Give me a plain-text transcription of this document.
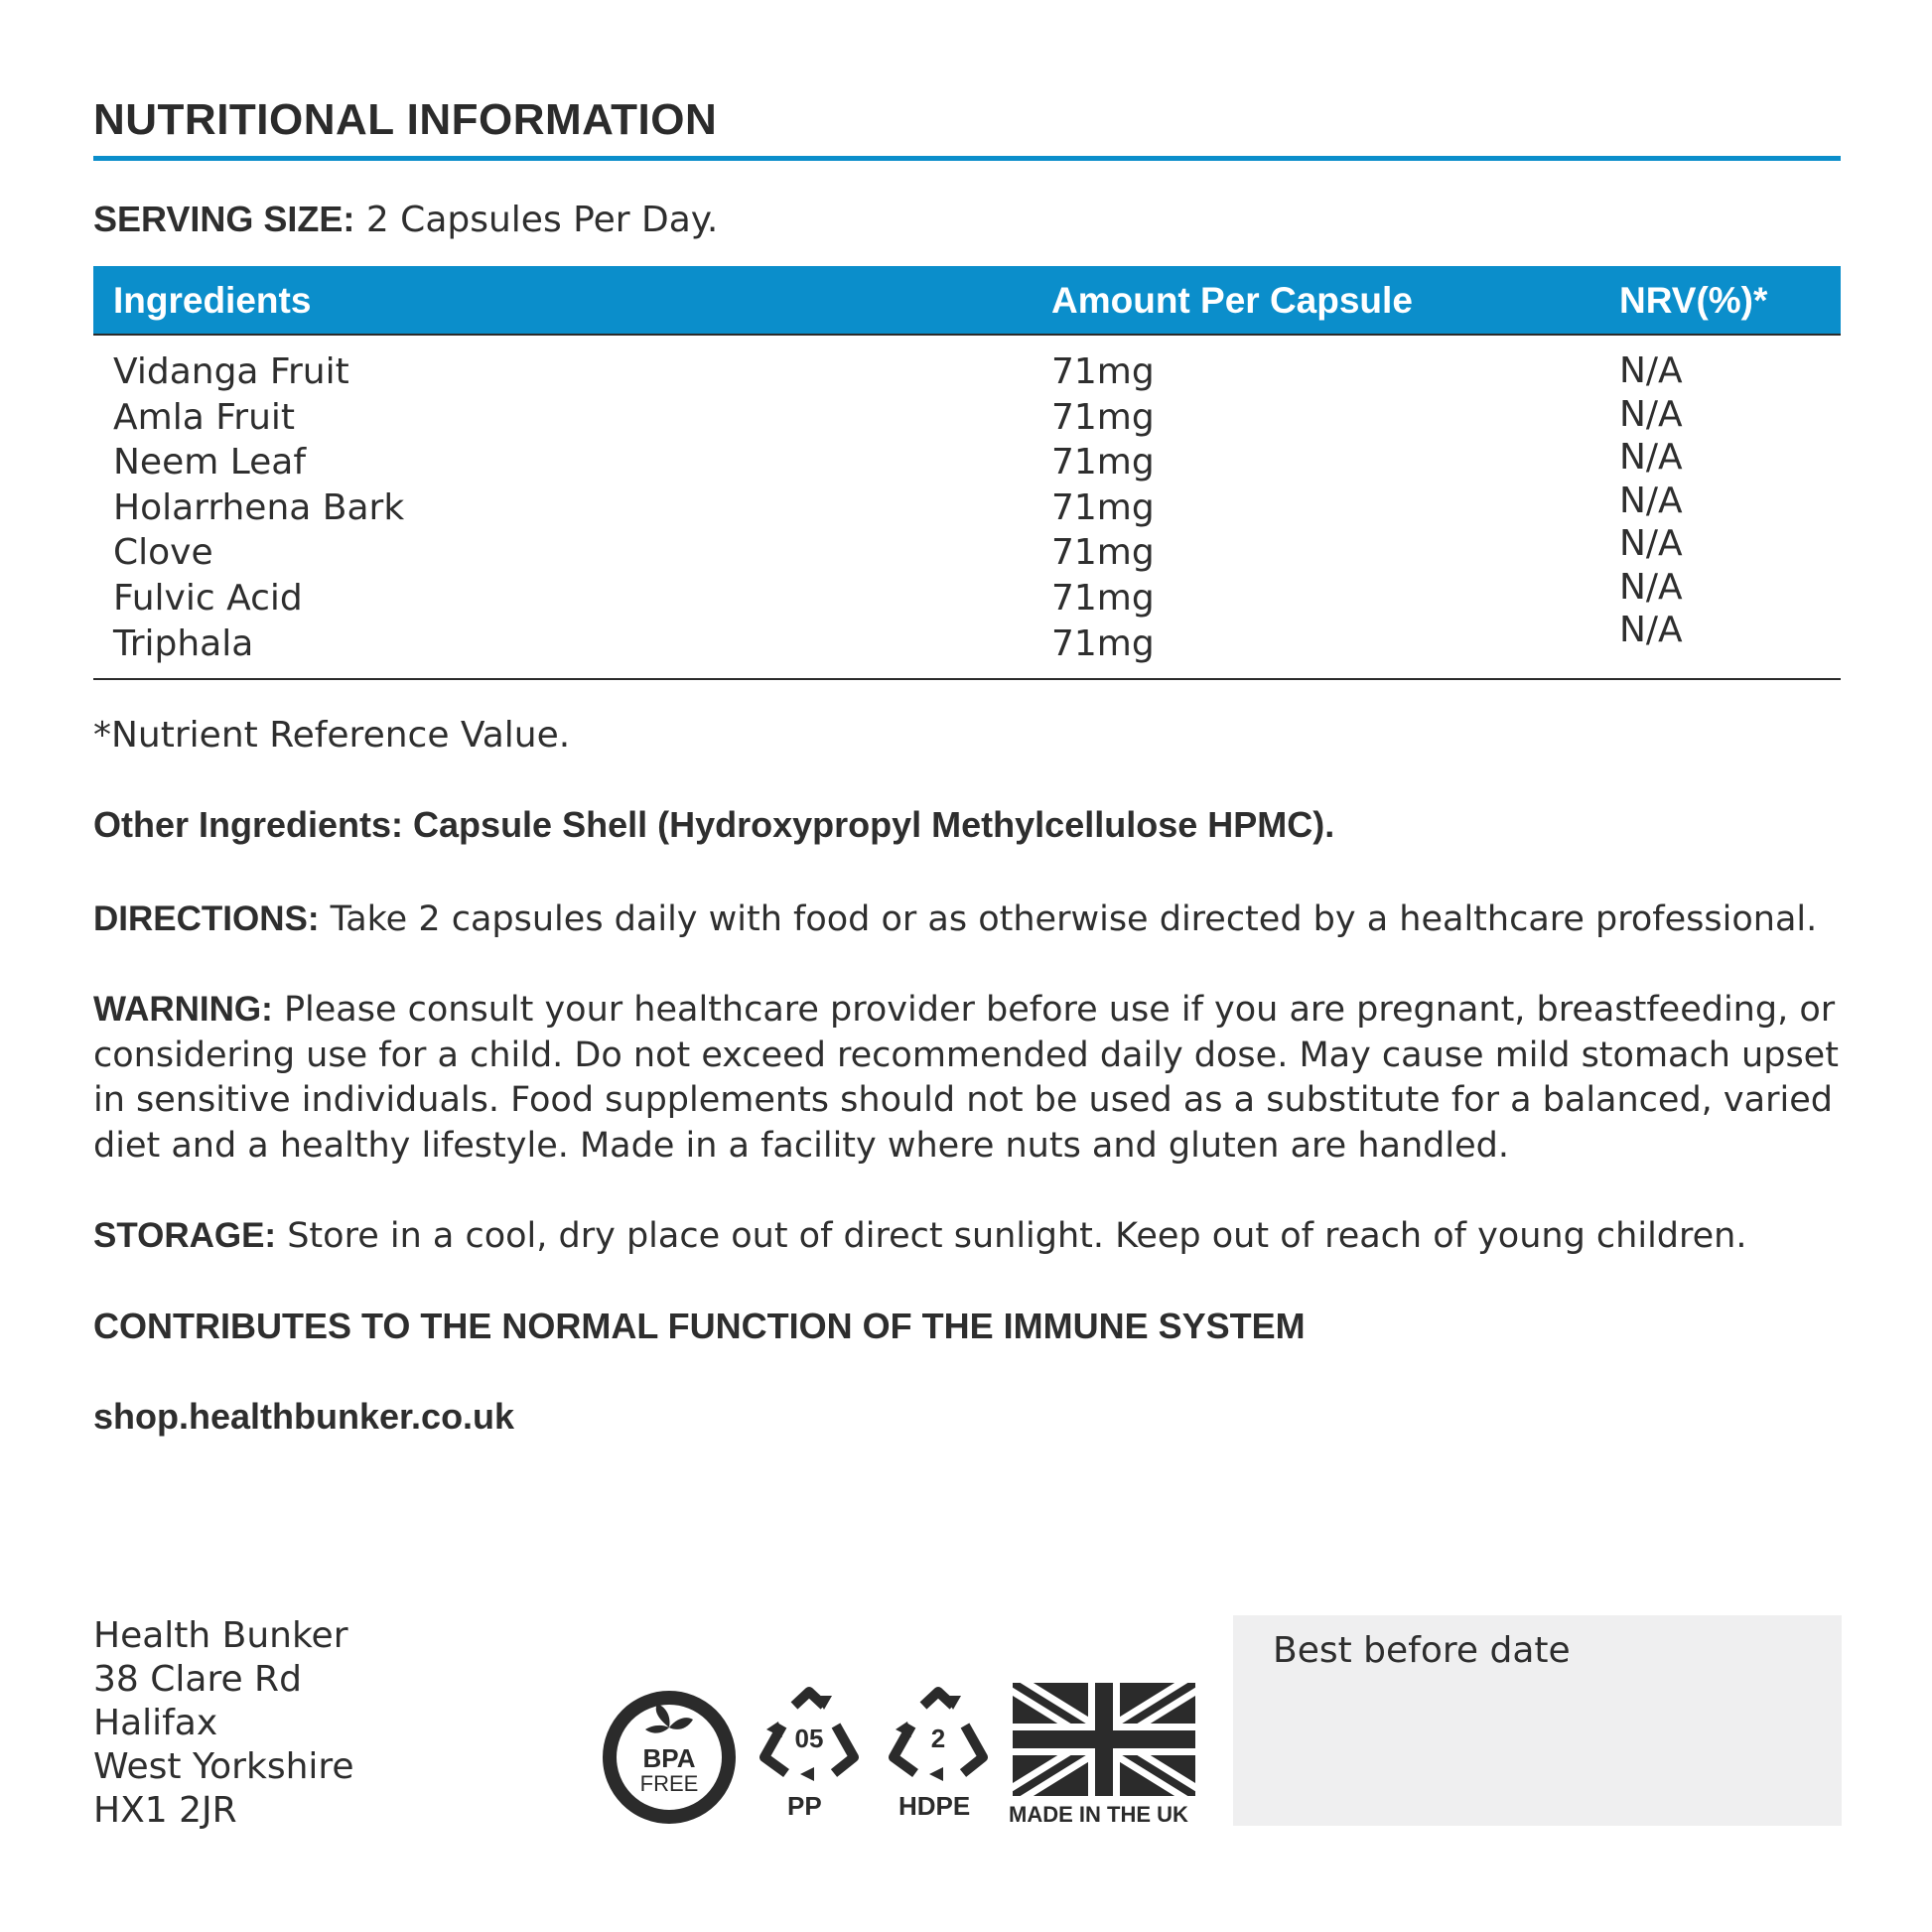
NUTRITIONAL INFORMATION
SERVING SIZE: 2 Capsules Per Day.
Ingredients	Amount Per Capsule	NRV(%)*
Vidanga Fruit
Amla Fruit
Neem Leaf
Holarrhena Bark
Clove
Fulvic Acid
Triphala
71mg
71mg
71mg
71mg
71mg
71mg
71mg
N/A
N/A
N/A
N/A
N/A
N/A
N/A
*Nutrient Reference Value.
Other Ingredients: Capsule Shell (Hydroxypropyl Methylcellulose HPMC).
DIRECTIONS: Take 2 capsules daily with food or as otherwise directed by a healthcare professional.
WARNING: Please consult your healthcare provider before use if you are pregnant, breastfeeding, or considering use for a child. Do not exceed recommended daily dose. May cause mild stomach upset in sensitive individuals. Food supplements should not be used as a substitute for a balanced, varied diet and a healthy lifestyle. Made in a facility where nuts and gluten are handled.
STORAGE: Store in a cool, dry place out of direct sunlight. Keep out of reach of young children.
CONTRIBUTES TO THE NORMAL FUNCTION OF THE IMMUNE SYSTEM
shop.healthbunker.co.uk
Health Bunker
38 Clare Rd
Halifax
West Yorkshire
HX1 2JR
BPA
FREE
05
PP
2
HDPE MADE IN THE UK
Best before date
